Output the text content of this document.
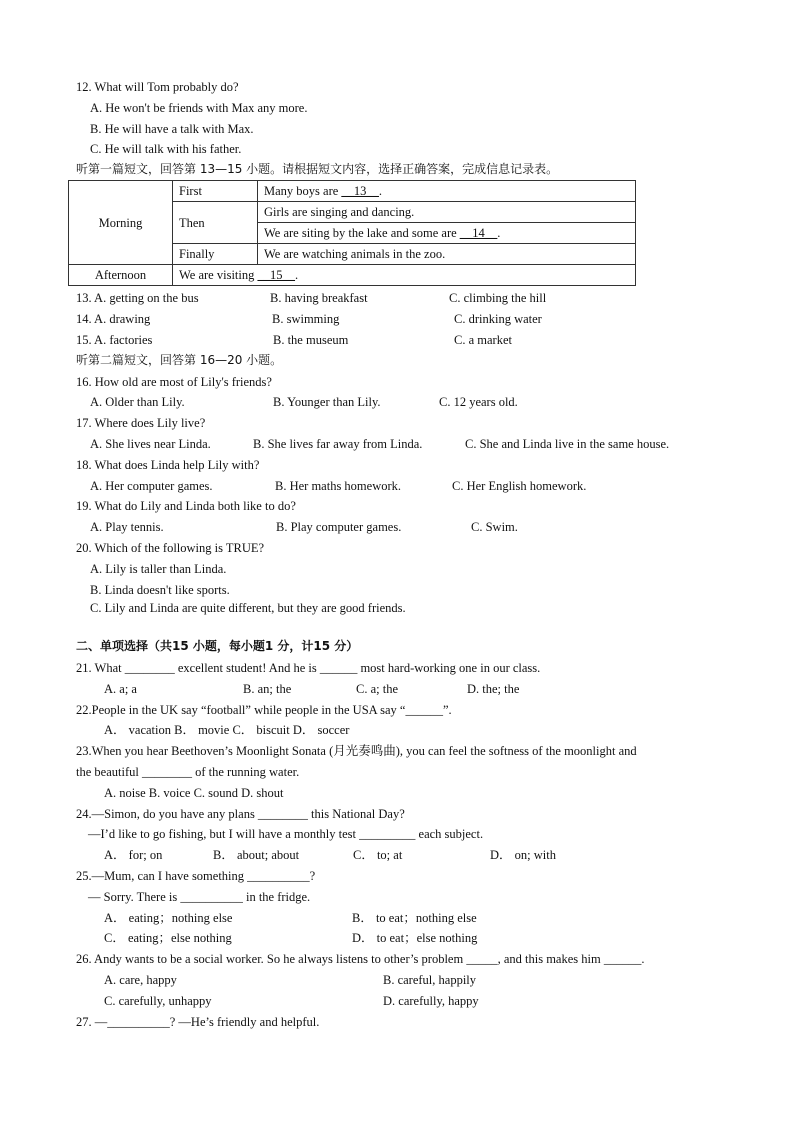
12. What will Tom probably do?
A. He won't be friends with Max any more.
B. He will have a talk with Max.
C. He will talk with his father.
听第一篇短文，回答第 13—15 小题。请根据短文内容，选择正确答案，完成信息记录表。
Morning	First	Many boys are __13__.
	Then	Girls are singing and dancing.
		We are siting by the lake and some are __14__.
	Finally	We are watching animals in the zoo.
Afternoon	We are visiting __15__.	
13. A. getting on the bus	B. having breakfast	C. climbing the hill
14. A. drawing	B. swimming	C. drinking water
15. A. factories	B. the museum	C. a market
听第二篇短文，回答第 16—20 小题。
16. How old are most of Lily's friends?
A. Older than Lily.	B. Younger than Lily.	C. 12 years old.
17. Where does Lily live?
A. She lives near Linda.	B. She lives far away from Linda.	C. She and Linda live in the same house.
18. What does Linda help Lily with?
A. Her computer games.	B. Her maths homework.	C. Her English homework.
19. What do Lily and Linda both like to do?
A. Play tennis.	B. Play computer games.	C. Swim.
20. Which of the following is TRUE?
A. Lily is taller than Linda.
B. Linda doesn't like sports.
C. Lily and Linda are quite different, but they are good friends.
二、单项选择（共15 小题，每小题1 分，计15 分）
21. What ________ excellent student! And he is ______ most hard-working one in our class.
A. a; a	B. an; the	C. a; the	D. the; the
22.People in the UK say “football” while people in the USA say “______”.
A． vacation B． movie C． biscuit D． soccer
23.When you hear Beethoven’s Moonlight Sonata (月光奏鸣曲), you can feel the softness of the moonlight and
the beautiful ________ of the running water.
A. noise B. voice C. sound D. shout
24.—Simon, do you have any plans ________ this National Day?
—I’d like to go fishing, but I will have a monthly test _________ each subject.
A． for; on	B． about; about	C． to; at	D． on; with
25.—Mum, can I have something __________?
— Sorry. There is __________ in the fridge.
A． eating；nothing else	B． to eat；nothing else
C． eating；else nothing	D． to eat；else nothing
26. Andy wants to be a social worker. So he always listens to other’s problem _____, and this makes him ______.
A. care, happy	B. careful, happily
C. carefully, unhappy	D. carefully, happy
27. —__________? —He’s friendly and helpful.
